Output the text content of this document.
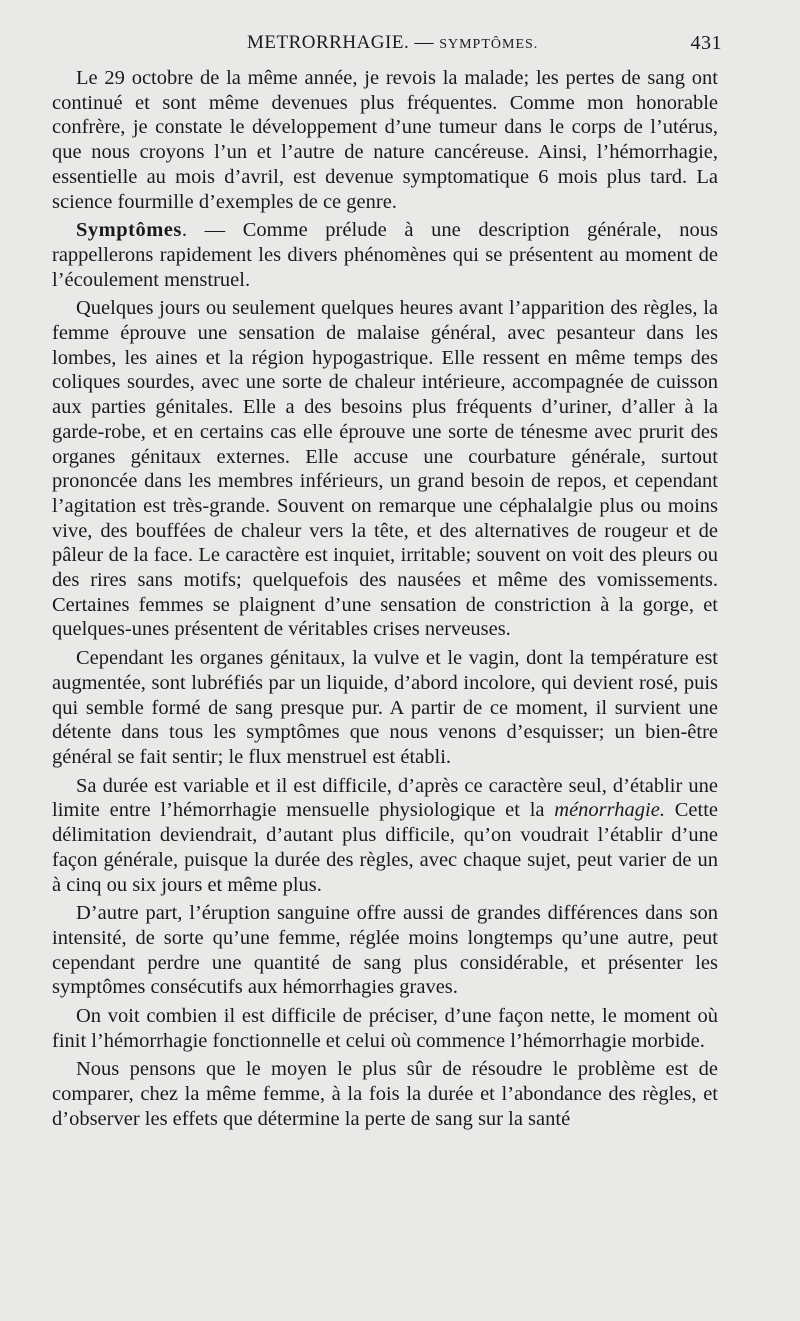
METRORRHAGIE. — SYMPTÔMES.	431

Le 29 octobre de la même année, je revois la malade; les pertes de sang ont continué et sont même devenues plus fréquentes. Comme mon honorable confrère, je constate le développement d’une tumeur dans le corps de l’utérus, que nous croyons l’un et l’autre de nature cancéreuse. Ainsi, l’hémorrhagie, essentielle au mois d’avril, est devenue symptomatique 6 mois plus tard. La science fourmille d’exemples de ce genre.

Symptômes. — Comme prélude à une description générale, nous rappellerons rapidement les divers phénomènes qui se présentent au moment de l’écoulement menstruel.

Quelques jours ou seulement quelques heures avant l’apparition des règles, la femme éprouve une sensation de malaise général, avec pesanteur dans les lombes, les aines et la région hypogastrique. Elle ressent en même temps des coliques sourdes, avec une sorte de chaleur intérieure, accompagnée de cuisson aux parties génitales. Elle a des besoins plus fréquents d’uriner, d’aller à la garde-robe, et en certains cas elle éprouve une sorte de ténesme avec prurit des organes génitaux externes. Elle accuse une courbature générale, surtout prononcée dans les membres inférieurs, un grand besoin de repos, et cependant l’agitation est très-grande. Souvent on remarque une céphalalgie plus ou moins vive, des bouffées de chaleur vers la tête, et des alternatives de rougeur et de pâleur de la face. Le caractère est inquiet, irritable; souvent on voit des pleurs ou des rires sans motifs; quelquefois des nausées et même des vomissements. Certaines femmes se plaignent d’une sensation de constriction à la gorge, et quelques-unes présentent de véritables crises nerveuses.

Cependant les organes génitaux, la vulve et le vagin, dont la température est augmentée, sont lubréfiés par un liquide, d’abord incolore, qui devient rosé, puis qui semble formé de sang presque pur. A partir de ce moment, il survient une détente dans tous les symptômes que nous venons d’esquisser; un bien-être général se fait sentir; le flux menstruel est établi.

Sa durée est variable et il est difficile, d’après ce caractère seul, d’établir une limite entre l’hémorrhagie mensuelle physiologique et la ménorrhagie. Cette délimitation deviendrait, d’autant plus difficile, qu’on voudrait l’établir d’une façon générale, puisque la durée des règles, avec chaque sujet, peut varier de un à cinq ou six jours et même plus.

D’autre part, l’éruption sanguine offre aussi de grandes différences dans son intensité, de sorte qu’une femme, réglée moins longtemps qu’une autre, peut cependant perdre une quantité de sang plus considérable, et présenter les symptômes consécutifs aux hémorrhagies graves.

On voit combien il est difficile de préciser, d’une façon nette, le moment où finit l’hémorrhagie fonctionnelle et celui où commence l’hémorrhagie morbide.

Nous pensons que le moyen le plus sûr de résoudre le problème est de comparer, chez la même femme, à la fois la durée et l’abondance des règles, et d’observer les effets que détermine la perte de sang sur la santé
